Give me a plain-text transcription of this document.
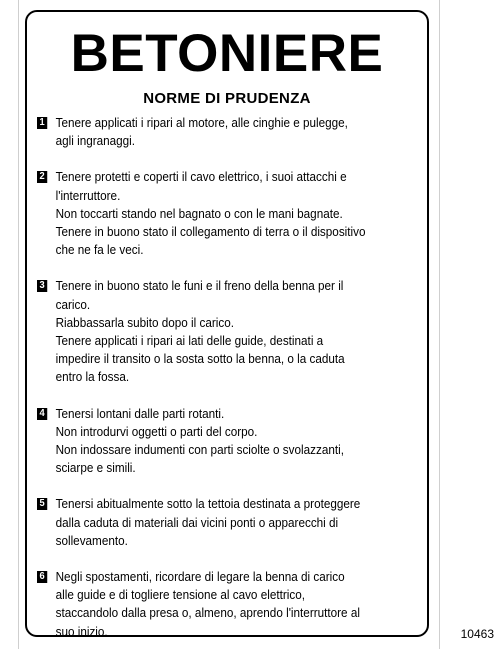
BETONIERE
NORME DI PRUDENZA
1 Tenere applicati i ripari al motore, alle cinghie e pulegge,
agli ingranaggi.
2 Tenere protetti e coperti il cavo elettrico, i suoi attacchi e
l'interruttore.
Non toccarti stando nel bagnato o con le mani bagnate.
Tenere in buono stato il collegamento di terra o il dispositivo
che ne fa le veci.
3 Tenere in buono stato le funi e il freno della benna per il
carico.
Riabbassarla subito dopo il carico.
Tenere applicati i ripari ai lati delle guide, destinati a
impedire il transito o la sosta sotto la benna, o la caduta
entro la fossa.
4 Tenersi lontani dalle parti rotanti.
Non introdurvi oggetti o parti del corpo.
Non indossare indumenti con parti sciolte o svolazzanti,
sciarpe e simili.
5 Tenersi abitualmente sotto la tettoia destinata a proteggere
dalla caduta di materiali dai vicini ponti o apparecchi di
sollevamento.
6 Negli spostamenti, ricordare di legare la benna di carico
alle guide e di togliere tensione al cavo elettrico,
staccandolo dalla presa o, almeno, aprendo l'interruttore al
suo inizio.	10463
